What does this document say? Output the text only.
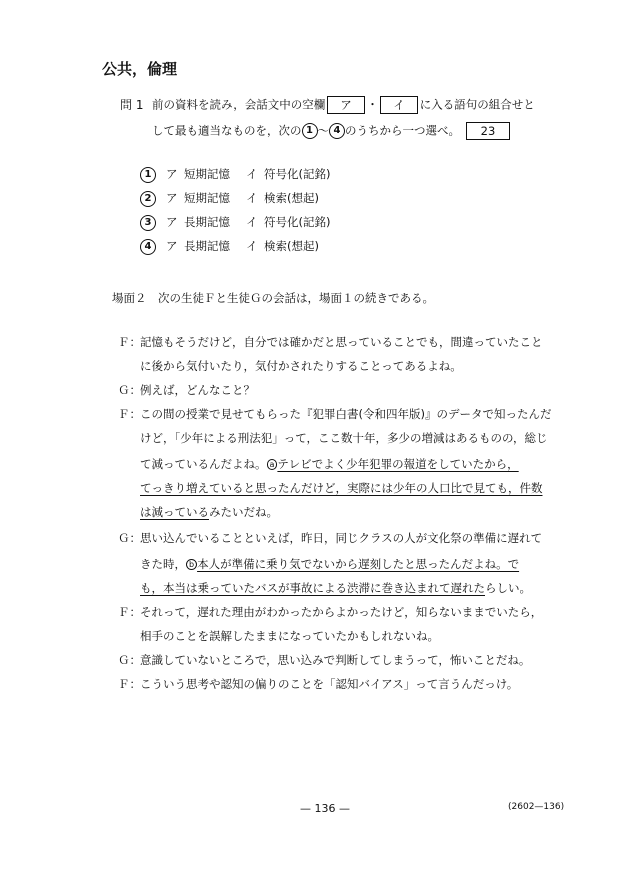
公共，倫理
問 1 前の資料を読み，会話文中の空欄 ア ・ イ に入る語句の組合せと
して最も適当なものを，次の 1 ～ 4 のうちから一つ選べ。 23
1 ア 短期記憶 イ 符号化(記銘)
2 ア 短期記憶 イ 検索(想起)
3 ア 長期記憶 イ 符号化(記銘)
4 ア 長期記憶 イ 検索(想起)
場面２　次の生徒Ｆと生徒Ｇの会話は，場面１の続きである。
Ｆ： 記憶もそうだけど，自分では確かだと思っていることでも，間違っていたこと
に後から気付いたり，気付かされたりすることってあるよね。
Ｇ： 例えば，どんなこと？
Ｆ： この間の授業で見せてもらった『犯罪白書(令和四年版)』のデータで知ったんだ
けど，「少年による刑法犯」って，ここ数十年，多少の増減はあるものの，総じ
て減っているんだよね。 a テレビでよく少年犯罪の報道をしていたから，
てっきり増えていると思ったんだけど，実際には少年の人口比で見ても，件数
は減っているみたいだね。
Ｇ： 思い込んでいることといえば，昨日，同じクラスの人が文化祭の準備に遅れて
きた時， b 本人が準備に乗り気でないから遅刻したと思ったんだよね。で
も，本当は乗っていたバスが事故による渋滞に巻き込まれて遅れたらしい。
Ｆ： それって，遅れた理由がわかったからよかったけど，知らないままでいたら，
相手のことを誤解したままになっていたかもしれないね。
Ｇ： 意識していないところで，思い込みで判断してしまうって，怖いことだね。
Ｆ： こういう思考や認知の偏りのことを「認知バイアス」って言うんだっけ。
— 136 —	(2602—136)
